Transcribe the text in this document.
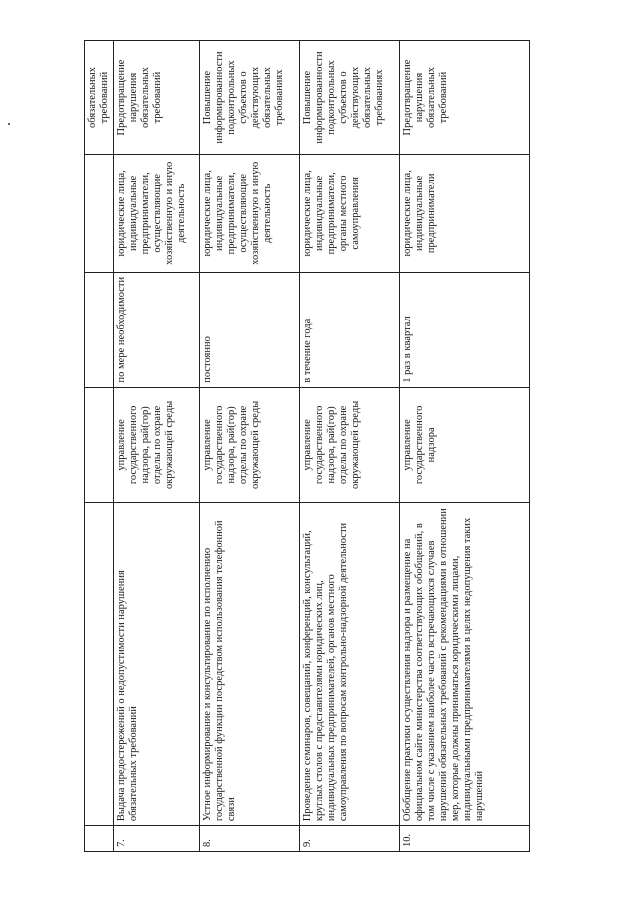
					обязательных требований
7.	Выдача предостережений о недопустимости нарушения обязательных требований	управление государственного надзора, рай(гор) отделы по охране окружающей среды	по мере необходимости	юридические лица, индивидуальные предприниматели, осуществляющие хозяйственную и иную деятельность	Предотвращение нарушения обязательных требований
8.	Устное информирование и консультирование по исполнению государственной функции посредством использования телефонной связи	управление государственного надзора, рай(гор) отделы по охране окружающей среды	постоянно	юридические лица, индивидуальные предприниматели, осуществляющие хозяйственную и иную деятельность	Повышение информированности подконтрольных субъектов о действующих обязательных требованиях
9.	Проведение семинаров, совещаний, конференций, консультаций, круглых столов с представителями юридических лиц, индивидуальных предпринимателей, органов местного самоуправления по вопросам контрольно-надзорной деятельности	управление государственного надзора, рай(гор) отделы по охране окружающей среды	в течение года	юридические лица, индивидуальные предприниматели, органы местного самоуправления	Повышение информированности подконтрольных субъектов о действующих обязательных требованиях
10.	Обобщение практики осуществления надзора и размещение на официальном сайте министерства соответствующих обобщений, в том числе с указанием наиболее часто встречающихся случаев нарушений обязательных требований с рекомендациями в отношении мер, которые должны приниматься юридическими лицами, индивидуальными предпринимателями в целях недопущения таких нарушений	управление государственного надзора	1 раз в квартал	юридические лица, индивидуальные предприниматели	Предотвращение нарушения обязательных требований
